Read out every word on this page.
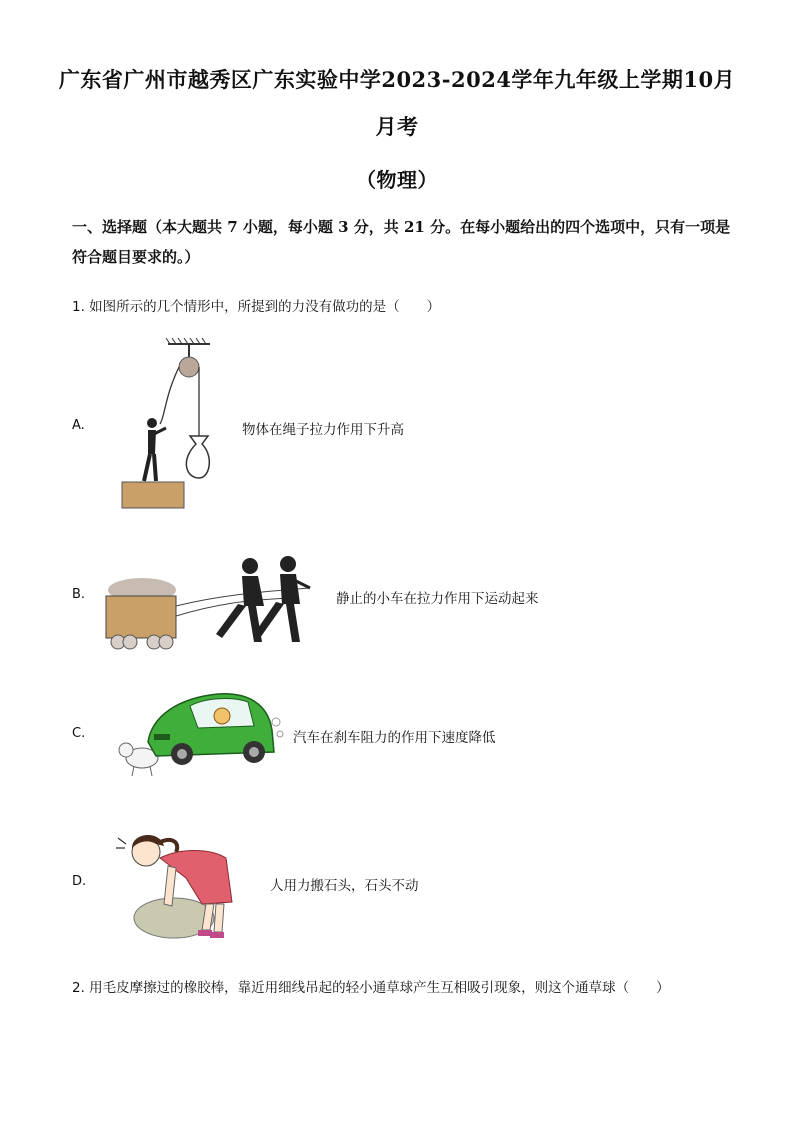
广东省广州市越秀区广东实验中学2023-2024学年九年级上学期10月
月考
（物理）
一、选择题（本大题共 7 小题，每小题 3 分，共 21 分。在每小题给出的四个选项中，只有一项是符合题目要求的。）
1. 如图所示的几个情形中，所提到的力没有做功的是（　　）
A.	物体在绳子拉力作用下升高
B.	静止的小车在拉力作用下运动起来
C.	汽车在刹车阻力的作用下速度降低
D.	人用力搬石头，石头不动
2. 用毛皮摩擦过的橡胶棒，靠近用细线吊起的轻小通草球产生互相吸引现象，则这个通草球（　　）
